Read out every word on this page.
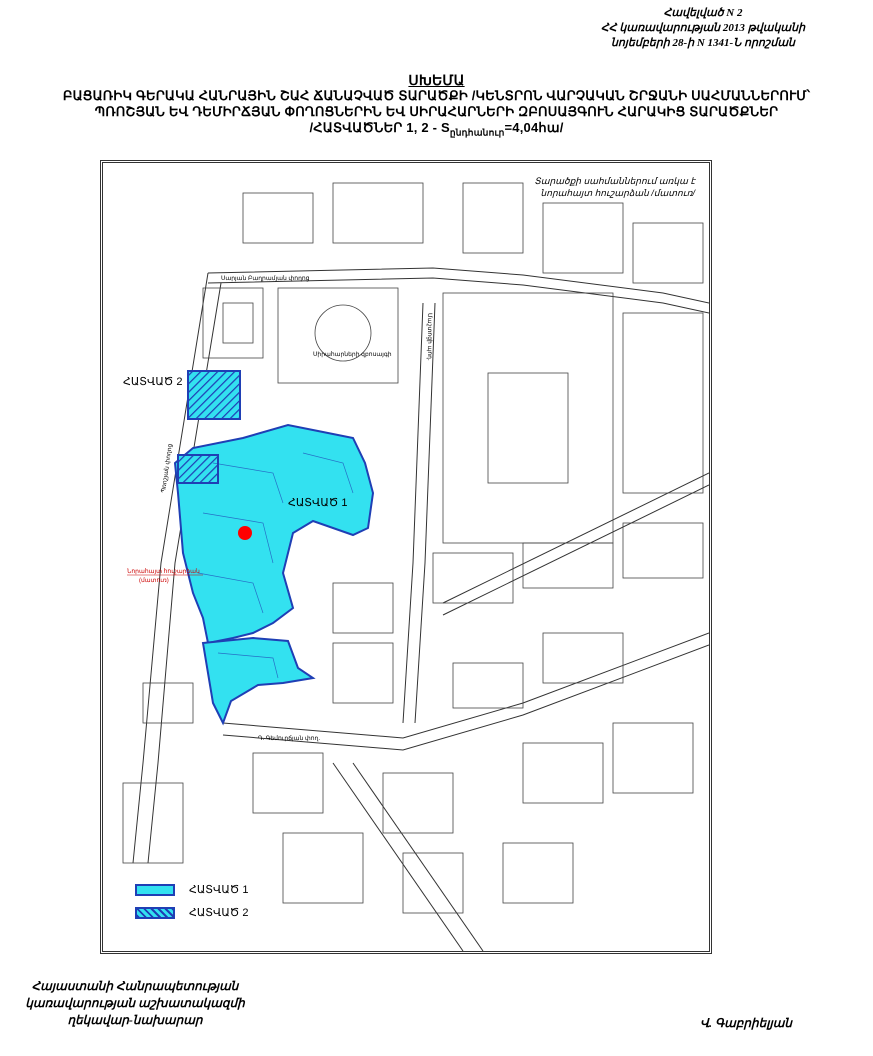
Հավելված N 2
ՀՀ կառավարության 2013 թվականի
նոյեմբերի 28-ի N 1341-Ն որոշման
ՍԽԵՄԱ
ԲԱՑԱՌԻԿ ԳԵՐԱԿԱ ՀԱՆՐԱՅԻՆ ՇԱՀ ՃԱՆԱՉՎԱԾ ՏԱՐԱԾՔԻ /ԿԵՆՏՐՈՆ ՎԱՐՉԱԿԱՆ ՇՐՋԱՆԻ ՍԱՀՄԱՆՆԵՐՈՒՄ՝
ՊՌՈՇՅԱՆ ԵՎ ԴԵՄԻՐՃՅԱՆ ՓՈՂՈՑՆԵՐԻՆ ԵՎ ՍԻՐԱՀԱՐՆԵՐԻ ԶԲՈՍԱՅԳՈՒՆ ՀԱՐԱԿԻՑ ՏԱՐԱԾՔՆԵՐ
/ՀԱՏՎԱԾՆԵՐ 1, $2 - S_{ընդհանուր}=4,04հա/$
ՀԱՏՎԱԾ 2
ՀԱՏՎԱԾ 1
Սարյան Բաղրամյան փողոց
Սիրահարների զբոսայգի
Դ. Գեմուրճյան փող.
Պռոշյան փողոց
Մաշտոցի պող.
Նորահայտ հուշարձան
(մատուռ)
Տարածքի սահմաններում առկա է
նորահայտ հուշարձան /մատուռ/
ՀԱՏՎԱԾ 1
ՀԱՏՎԱԾ 2
Հայաստանի Հանրապետության
կառավարության աշխատակազմի
ղեկավար-նախարար	Վ. Գաբրիելյան
